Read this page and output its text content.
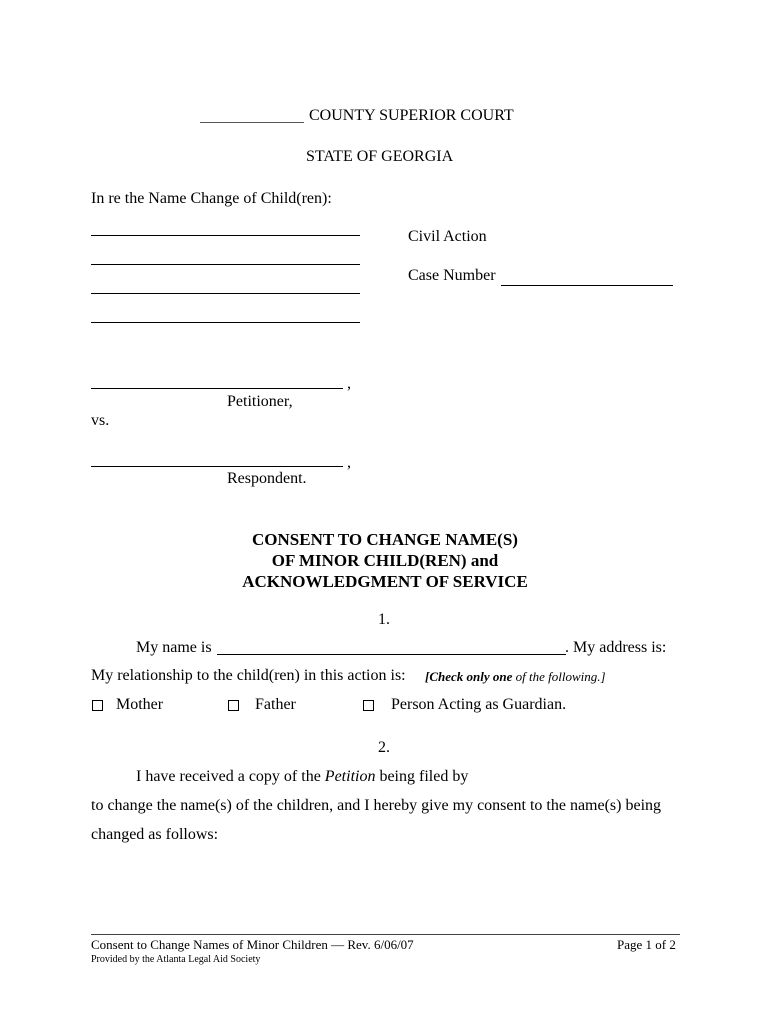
COUNTY SUPERIOR COURT
STATE OF GEORGIA
In re the Name Change of Child(ren):
Civil Action
Case Number
,
Petitioner,
vs.
,
Respondent.
CONSENT TO CHANGE NAME(S)
OF MINOR CHILD(REN) and
ACKNOWLEDGMENT OF SERVICE
1.
My name is	. My address is:
My relationship to the child(ren) in this action is: [Check only one of the following.]
Mother	Father	Person Acting as Guardian.
2.
I have received a copy of the Petition being filed by
to change the name(s) of the children, and I hereby give my consent to the name(s) being
changed as follows:
Consent to Change Names of Minor Children — Rev. 6/06/07
Provided by the Atlanta Legal Aid Society
Page 1 of 2
